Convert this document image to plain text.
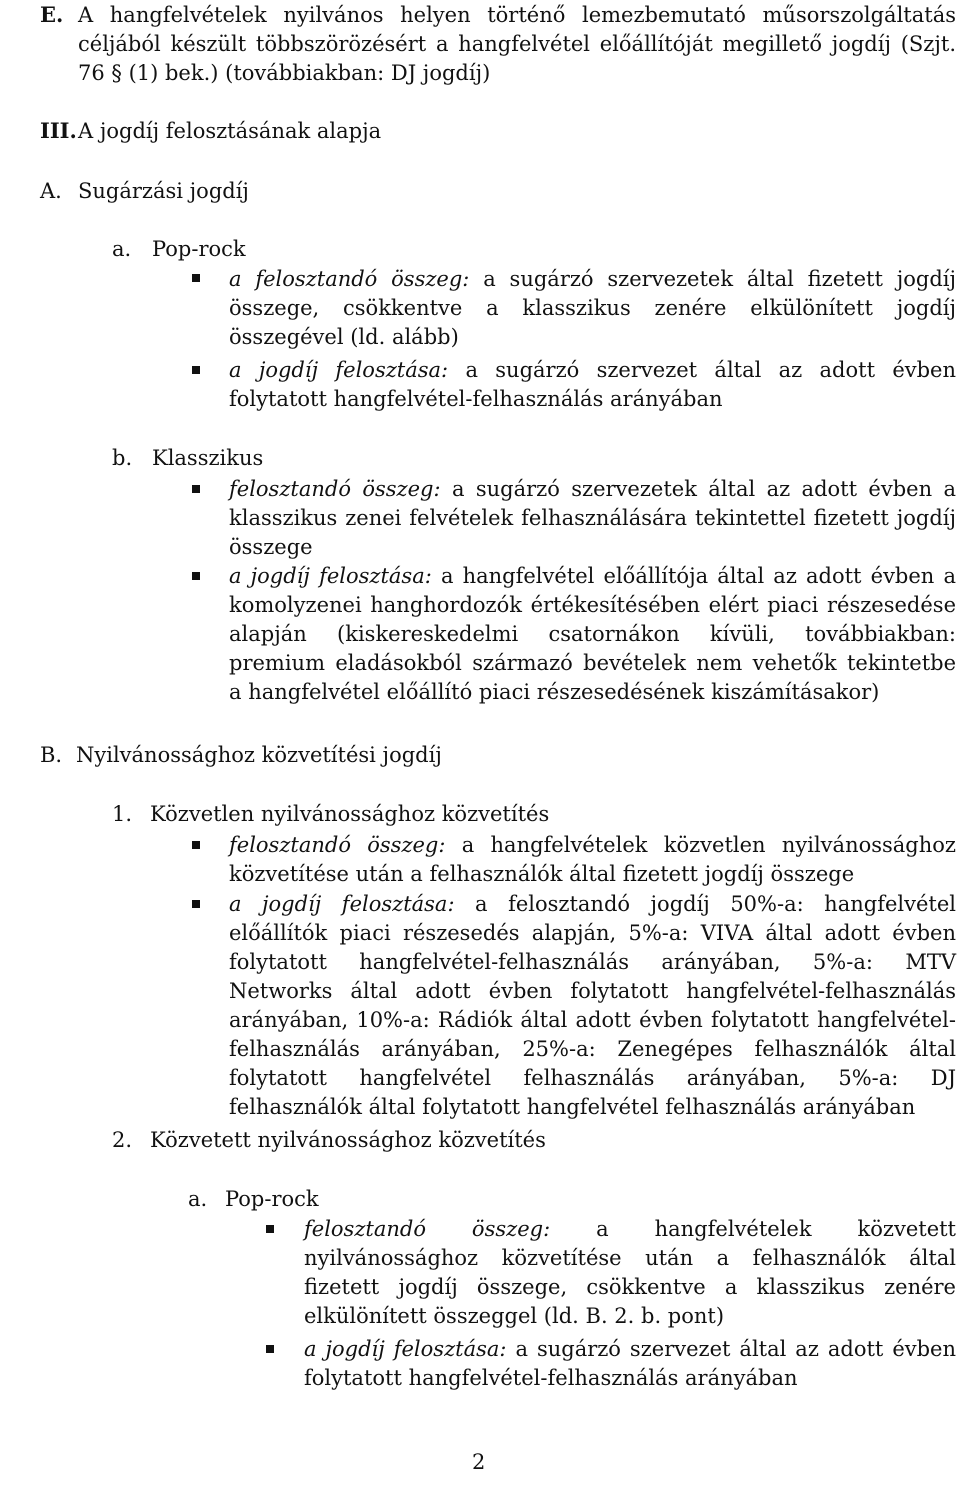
E. A hangfelvételek nyilvános helyen történő lemezbemutató műsorszolgáltatás
céljából készült többszörözésért a hangfelvétel előállítóját megillető jogdíj (Szjt.
76 § (1) bek.) (továbbiakban: DJ jogdíj)
III. A jogdíj felosztásának alapja
A. Sugárzási jogdíj
a. Pop-rock
a felosztandó összeg: a sugárzó szervezetek által fizetett jogdíj
összege, csökkentve a klasszikus zenére elkülönített jogdíj
összegével (ld. alább)
a jogdíj felosztása: a sugárzó szervezet által az adott évben
folytatott hangfelvétel-felhasználás arányában
b. Klasszikus
felosztandó összeg: a sugárzó szervezetek által az adott évben a
klasszikus zenei felvételek felhasználására tekintettel fizetett jogdíj
összege
a jogdíj felosztása: a hangfelvétel előállítója által az adott évben a
komolyzenei hanghordozók értékesítésében elért piaci részesedése
alapján (kiskereskedelmi csatornákon kívüli, továbbiakban:
premium eladásokból származó bevételek nem vehetők tekintetbe
a hangfelvétel előállító piaci részesedésének kiszámításakor)
B. Nyilvánossághoz közvetítési jogdíj
1. Közvetlen nyilvánossághoz közvetítés
felosztandó összeg: a hangfelvételek közvetlen nyilvánossághoz
közvetítése után a felhasználók által fizetett jogdíj összege
a jogdíj felosztása: a felosztandó jogdíj 50%-a: hangfelvétel
előállítók piaci részesedés alapján, 5%-a: VIVA által adott évben
folytatott hangfelvétel-felhasználás arányában, 5%-a: MTV
Networks által adott évben folytatott hangfelvétel-felhasználás
arányában, 10%-a: Rádiók által adott évben folytatott hangfelvétel-
felhasználás arányában, 25%-a: Zenegépes felhasználók által
folytatott hangfelvétel felhasználás arányában, 5%-a: DJ
felhasználók által folytatott hangfelvétel felhasználás arányában
2. Közvetett nyilvánossághoz közvetítés
a. Pop-rock
felosztandó összeg: a hangfelvételek közvetett
nyilvánossághoz közvetítése után a felhasználók által
fizetett jogdíj összege, csökkentve a klasszikus zenére
elkülönített összeggel (ld. B. 2. b. pont)
a jogdíj felosztása: a sugárzó szervezet által az adott évben
folytatott hangfelvétel-felhasználás arányában
2
